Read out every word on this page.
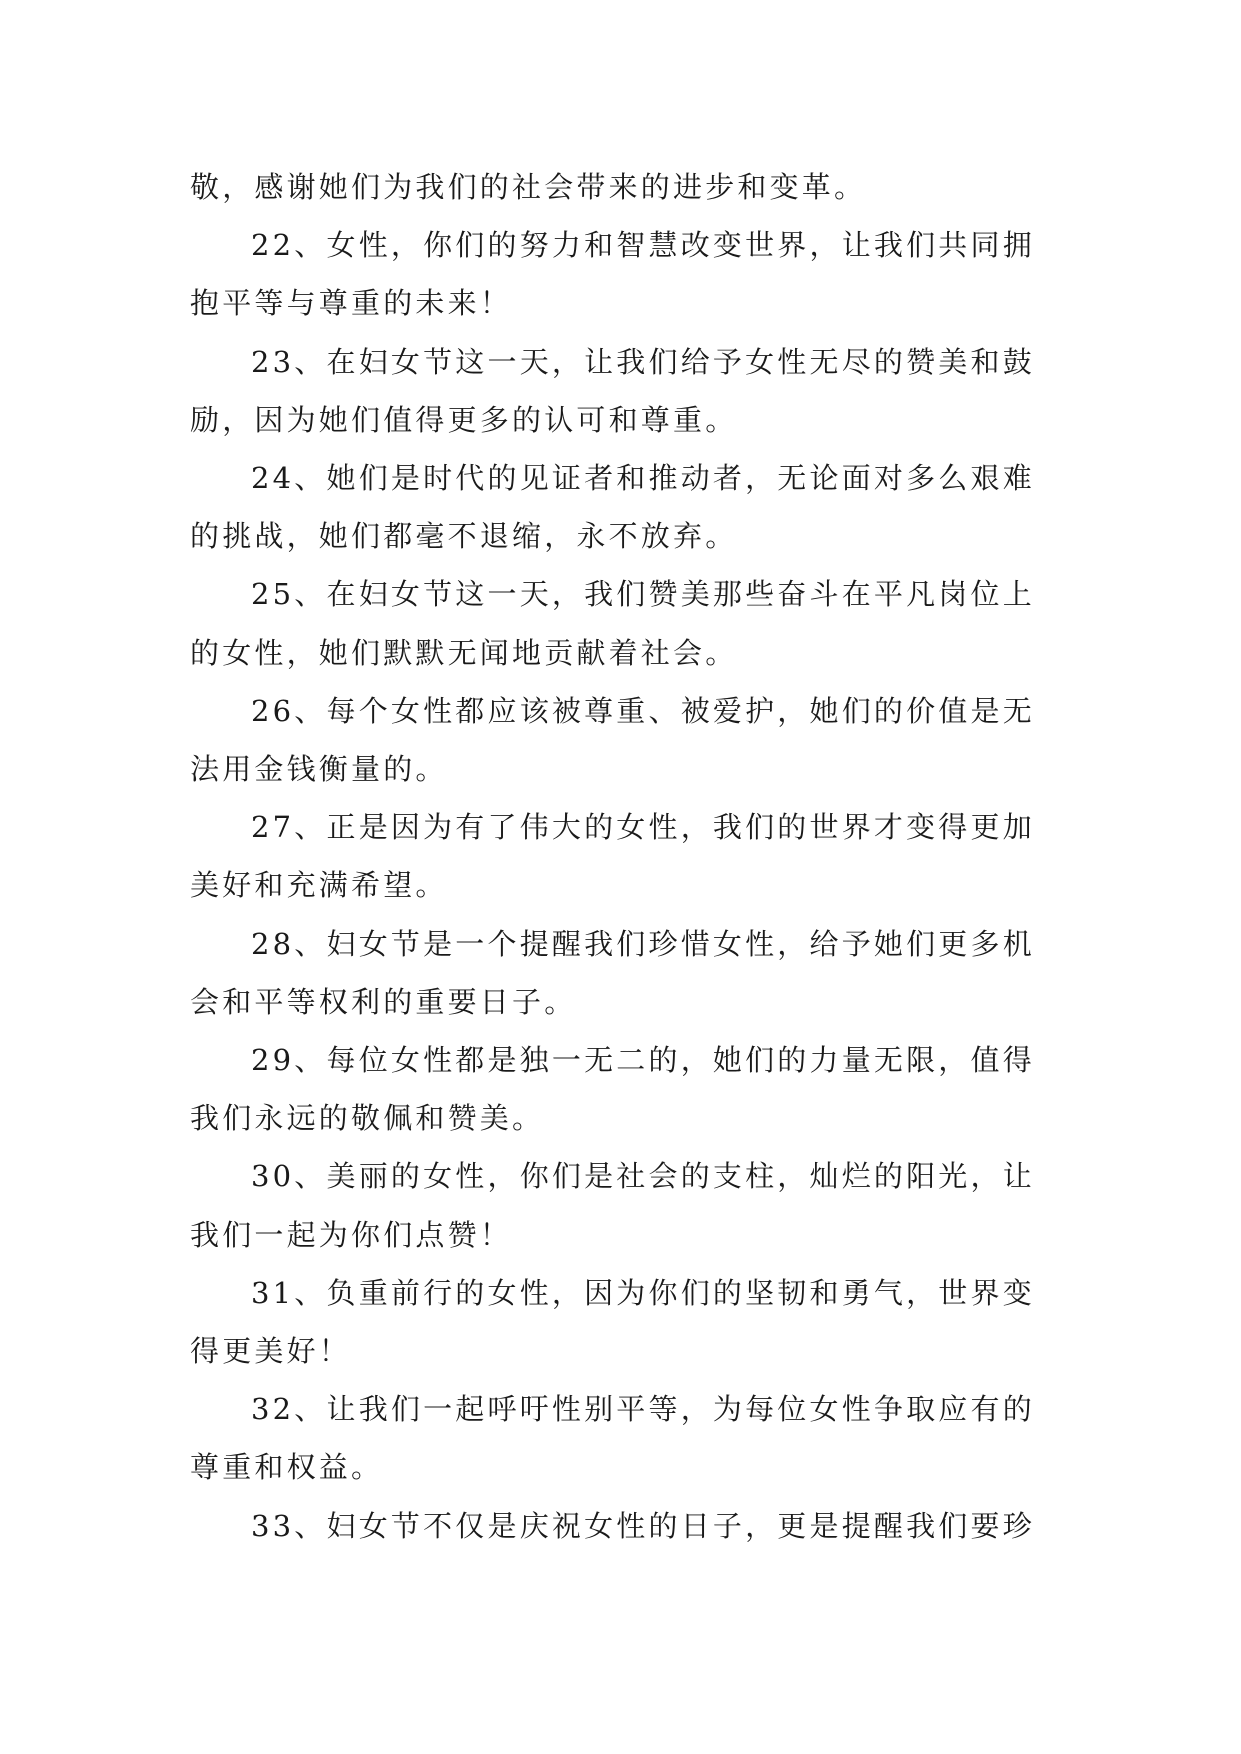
敬，感谢她们为我们的社会带来的进步和变革。

22、女性，你们的努力和智慧改变世界，让我们共同拥抱平等与尊重的未来！

23、在妇女节这一天，让我们给予女性无尽的赞美和鼓励，因为她们值得更多的认可和尊重。

24、她们是时代的见证者和推动者，无论面对多么艰难的挑战，她们都毫不退缩，永不放弃。

25、在妇女节这一天，我们赞美那些奋斗在平凡岗位上的女性，她们默默无闻地贡献着社会。

26、每个女性都应该被尊重、被爱护，她们的价值是无法用金钱衡量的。

27、正是因为有了伟大的女性，我们的世界才变得更加美好和充满希望。

28、妇女节是一个提醒我们珍惜女性，给予她们更多机会和平等权利的重要日子。

29、每位女性都是独一无二的，她们的力量无限，值得我们永远的敬佩和赞美。

30、美丽的女性，你们是社会的支柱，灿烂的阳光，让我们一起为你们点赞！

31、负重前行的女性，因为你们的坚韧和勇气，世界变得更美好！

32、让我们一起呼吁性别平等，为每位女性争取应有的尊重和权益。

33、妇女节不仅是庆祝女性的日子，更是提醒我们要珍
